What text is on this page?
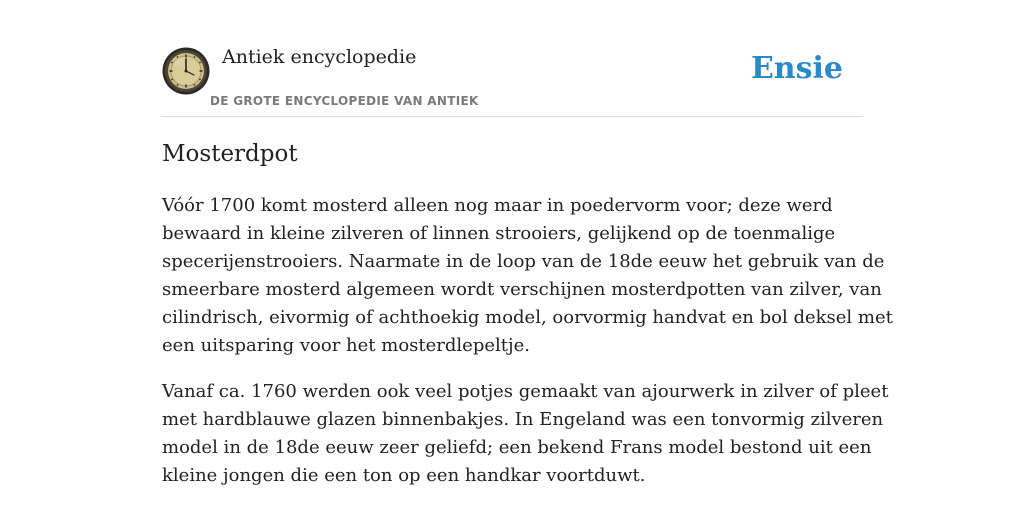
Antiek encyclopedie
DE GROTE ENCYCLOPEDIE VAN ANTIEK
Ensie
Mosterdpot

Vóór 1700 komt mosterd alleen nog maar in poedervorm voor; deze werd
bewaard in kleine zilveren of linnen strooiers, gelijkend op de toenmalige
specerijenstrooiers. Naarmate in de loop van de 18de eeuw het gebruik van de
smeerbare mosterd algemeen wordt verschijnen mosterdpotten van zilver, van
cilindrisch, eivormig of achthoekig model, oorvormig handvat en bol deksel met
een uitsparing voor het mosterdlepeltje.

Vanaf ca. 1760 werden ook veel potjes gemaakt van ajourwerk in zilver of pleet
met hardblauwe glazen binnenbakjes. In Engeland was een tonvormig zilveren
model in de 18de eeuw zeer geliefd; een bekend Frans model bestond uit een
kleine jongen die een ton op een handkar voortduwt.
